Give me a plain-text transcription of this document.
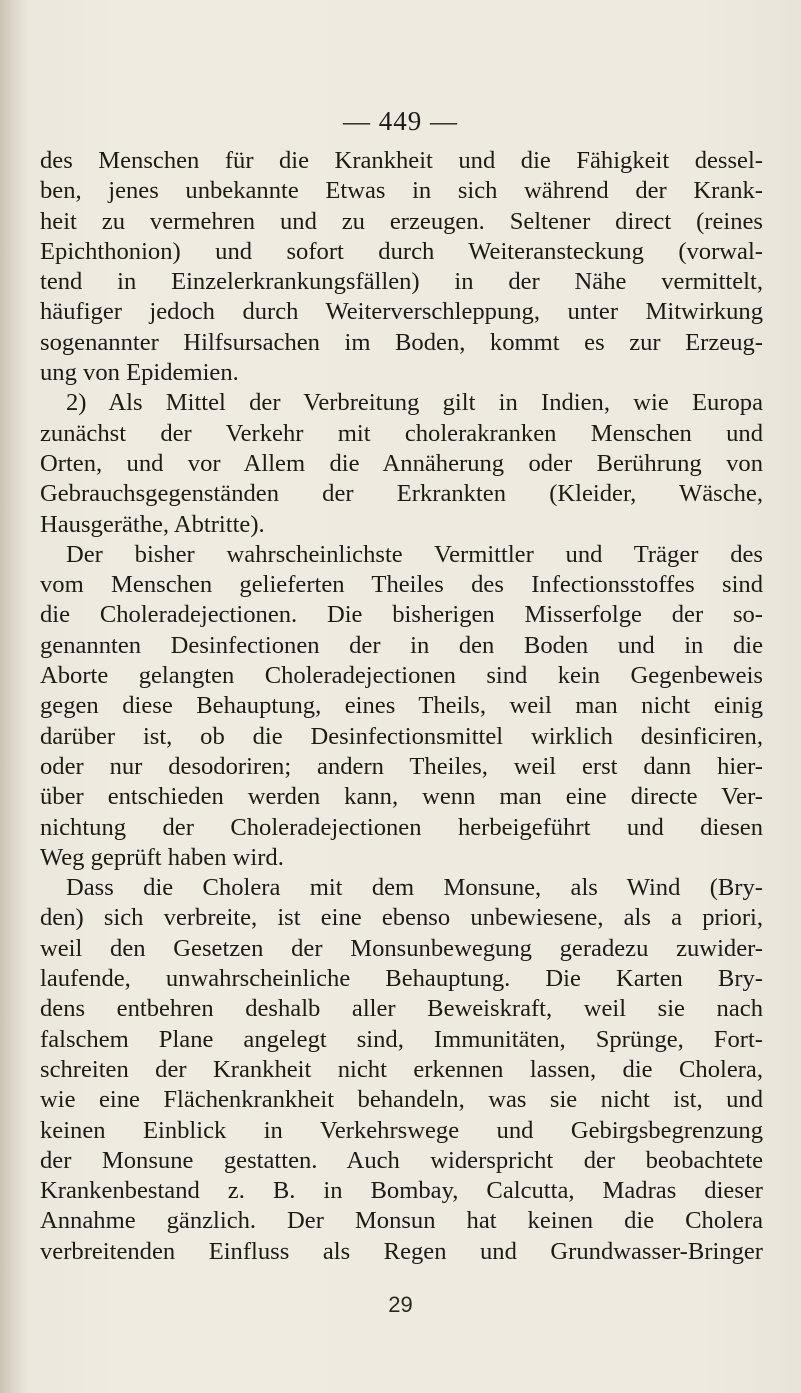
— 449 —

des Menschen für die Krankheit und die Fähigkeit dessel-

ben, jenes unbekannte Etwas in sich während der Krank-

heit zu vermehren und zu erzeugen. Seltener direct (reines

Epichthonion) und sofort durch Weiteransteckung (vorwal-

tend in Einzelerkrankungsfällen) in der Nähe vermittelt,

häufiger jedoch durch Weiterverschleppung, unter Mitwirkung

sogenannter Hilfsursachen im Boden, kommt es zur Erzeug-

ung von Epidemien.

2) Als Mittel der Verbreitung gilt in Indien, wie Europa

zunächst der Verkehr mit cholerakranken Menschen und

Orten, und vor Allem die Annäherung oder Berührung von

Gebrauchsgegenständen der Erkrankten (Kleider, Wäsche,

Hausgeräthe, Abtritte).

Der bisher wahrscheinlichste Vermittler und Träger des

vom Menschen gelieferten Theiles des Infectionsstoffes sind

die Choleradejectionen. Die bisherigen Misserfolge der so-

genannten Desinfectionen der in den Boden und in die

Aborte gelangten Choleradejectionen sind kein Gegenbeweis

gegen diese Behauptung, eines Theils, weil man nicht einig

darüber ist, ob die Desinfectionsmittel wirklich desinficiren,

oder nur desodoriren; andern Theiles, weil erst dann hier-

über entschieden werden kann, wenn man eine directe Ver-

nichtung der Choleradejectionen herbeigeführt und diesen

Weg geprüft haben wird.

Dass die Cholera mit dem Monsune, als Wind (Bry-

den) sich verbreite, ist eine ebenso unbewiesene, als a priori,

weil den Gesetzen der Monsunbewegung geradezu zuwider-

laufende, unwahrscheinliche Behauptung. Die Karten Bry-

dens entbehren deshalb aller Beweiskraft, weil sie nach

falschem Plane angelegt sind, Immunitäten, Sprünge, Fort-

schreiten der Krankheit nicht erkennen lassen, die Cholera,

wie eine Flächenkrankheit behandeln, was sie nicht ist, und

keinen Einblick in Verkehrswege und Gebirgsbegrenzung

der Monsune gestatten. Auch widerspricht der beobachtete

Krankenbestand z. B. in Bombay, Calcutta, Madras dieser

Annahme gänzlich. Der Monsun hat keinen die Cholera

verbreitenden Einfluss als Regen und Grundwasser-Bringer

29
